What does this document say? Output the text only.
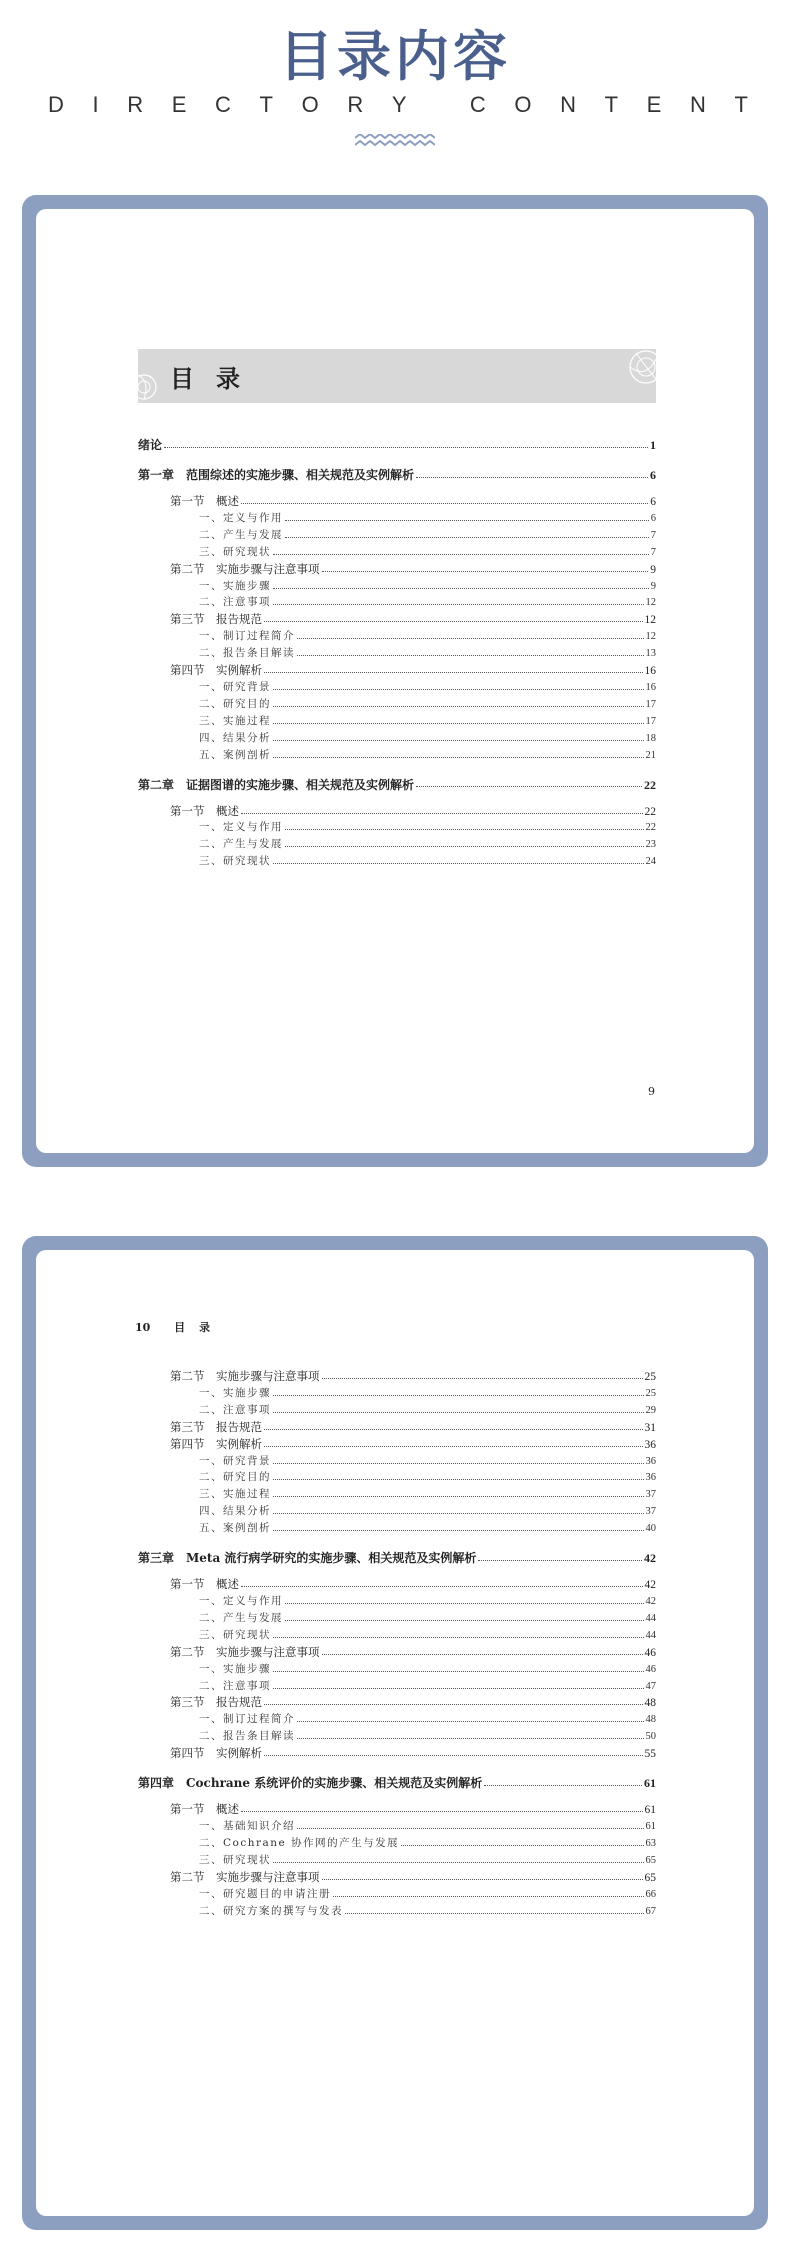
目录内容
D I R E C T O R Y
	C O N T E N T
目录
绪论	1
第一章　范围综述的实施步骤、相关规范及实例解析	6
第一节　概述	6
一、定义与作用	6
二、产生与发展	7
三、研究现状	7
第二节　实施步骤与注意事项	9
一、实施步骤	9
二、注意事项	12
第三节　报告规范	12
一、制订过程简介	12
二、报告条目解读	13
第四节　实例解析	16
一、研究背景	16
二、研究目的	17
三、实施过程	17
四、结果分析	18
五、案例剖析	21
第二章　证据图谱的实施步骤、相关规范及实例解析	22
第一节　概述	22
一、定义与作用	22
二、产生与发展	23
三、研究现状	24
9
10 目录
第二节　实施步骤与注意事项	25
一、实施步骤	25
二、注意事项	29
第三节　报告规范	31
第四节　实例解析	36
一、研究背景	36
二、研究目的	36
三、实施过程	37
四、结果分析	37
五、案例剖析	40
第三章　Meta 流行病学研究的实施步骤、相关规范及实例解析	42
第一节　概述	42
一、定义与作用	42
二、产生与发展	44
三、研究现状	44
第二节　实施步骤与注意事项	46
一、实施步骤	46
二、注意事项	47
第三节　报告规范	48
一、制订过程简介	48
二、报告条目解读	50
第四节　实例解析	55
第四章　Cochrane 系统评价的实施步骤、相关规范及实例解析	61
第一节　概述	61
一、基础知识介绍	61
二、Cochrane 协作网的产生与发展	63
三、研究现状	65
第二节　实施步骤与注意事项	65
一、研究题目的申请注册	66
二、研究方案的撰写与发表	67
